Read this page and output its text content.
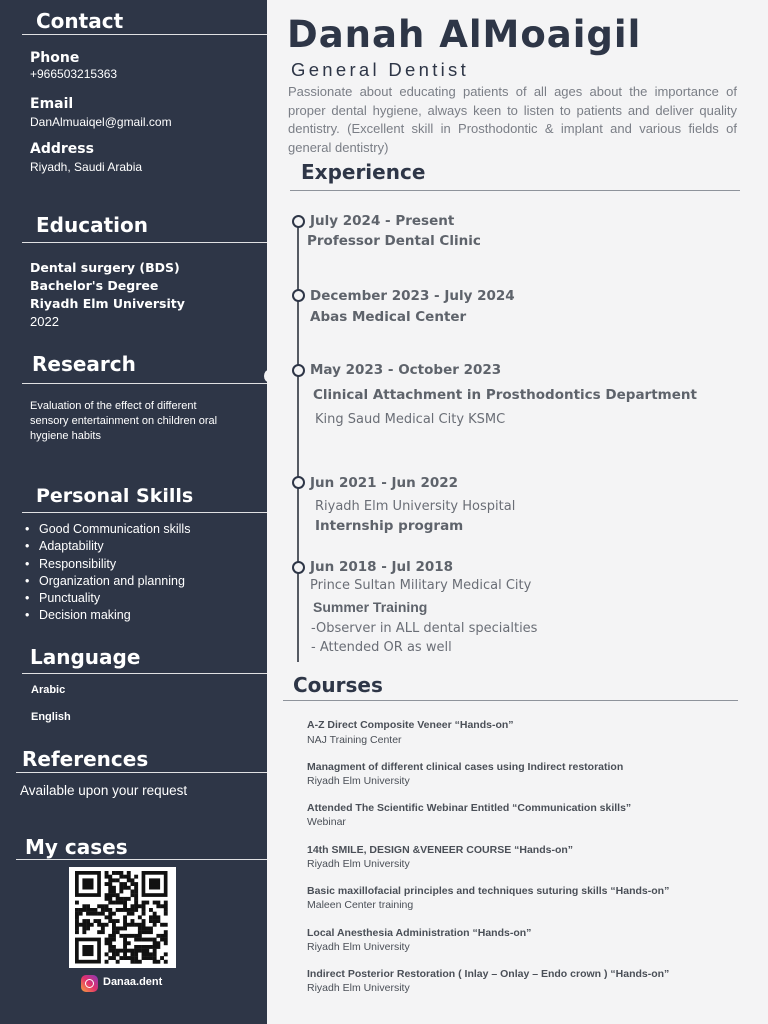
Contact
Phone
+966503215363
Email
DanAlmuaiqel@gmail.com
Address
Riyadh, Saudi Arabia
Education
Dental surgery (BDS)
Bachelor's Degree
Riyadh Elm University
2022
Research
Evaluation of the effect of different
sensory entertainment on children oral
hygiene habits
Personal Skills
• Good Communication skills
• Adaptability
• Responsibility
• Organization and planning
• Punctuality
• Decision making
Language
Arabic
English
References
Available upon your request
My cases
Danaa.dent
Danah AlMoaigil
General Dentist
Passionate about educating patients of all ages about the importance of proper dental hygiene, always keen to listen to patients and deliver quality dentistry. (Excellent skill in Prosthodontic & implant and various fields of general dentistry)
Experience
July 2024 - Present
Professor Dental Clinic
December 2023 - July 2024
Abas Medical Center
May 2023 - October 2023
Clinical Attachment in Prosthodontics Department
King Saud Medical City KSMC
Jun 2021 - Jun 2022
Riyadh Elm University Hospital
Internship program
Jun 2018 - Jul 2018
Prince Sultan Military Medical City
Summer Training
-Observer in ALL dental specialties
- Attended OR as well
Courses
A-Z Direct Composite Veneer “Hands-on”
NAJ Training Center
Managment of different clinical cases using Indirect restoration
Riyadh Elm University
Attended The Scientific Webinar Entitled “Communication skills”
Webinar
14th SMILE, DESIGN &VENEER COURSE “Hands-on”
Riyadh Elm University
Basic maxillofacial principles and techniques suturing skills “Hands-on”
Maleen Center training
Local Anesthesia Administration “Hands-on”
Riyadh Elm University
Indirect Posterior Restoration ( Inlay – Onlay – Endo crown ) “Hands-on”
Riyadh Elm University
